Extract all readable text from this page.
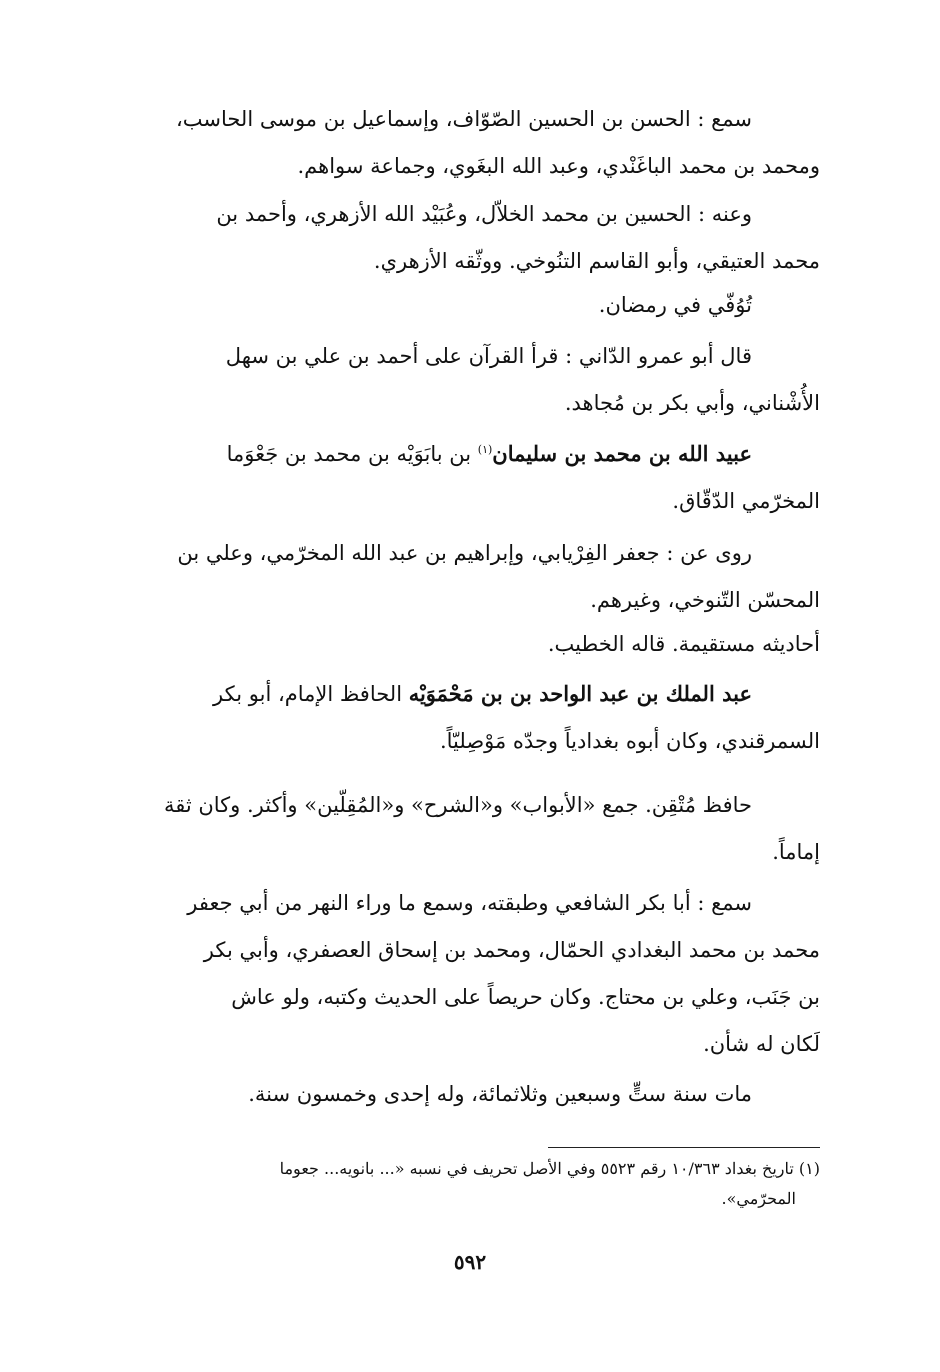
سمع : الحسن بن الحسين الصّوّاف، وإسماعيل بن موسى الحاسب،
ومحمد بن محمد الباغَنْدي، وعبد الله البغَوي، وجماعة سواهم.
وعنه : الحسين بن محمد الخلاّل، وعُبَيْد الله الأزهري، وأحمد بن
محمد العتيقي، وأبو القاسم التنُوخي. ووثّقه الأزهري.
تُوُفّي في رمضان.
قال أبو عمرو الدّاني : قرأ القرآن على أحمد بن علي بن سهل
الأُشْناني، وأبي بكر بن مُجاهد.
عبيد الله بن محمد بن سليمان$^{(١)}$ بن بابَوَيْه بن محمد بن جَعْوَما
المخرّمي الدّقّاق.
روى عن : جعفر الفِرْيابي، وإبراهيم بن عبد الله المخرّمي، وعلي بن
المحسّن التّنوخي، وغيرهم.
أحاديثه مستقيمة. قاله الخطيب.
عبد الملك بن عبد الواحد بن بن مَحْمَوَيْه الحافظ الإمام، أبو بكر
السمرقندي، وكان أبوه بغدادياً وجدّه مَوْصِليّاً.
حافظ مُتْقِن. جمع «الأبواب» و«الشرح» و«المُقِلّين» وأكثر. وكان ثقة
إماماً.
سمع : أبا بكر الشافعي وطبقته، وسمع ما وراء النهر من أبي جعفر
محمد بن محمد البغدادي الحمّال، ومحمد بن إسحاق العصفري، وأبي بكر
بن جَنَب، وعلي بن محتاج. وكان حريصاً على الحديث وكتبه، ولو عاش
لَكان له شأن.
مات سنة ستٍّ وسبعين وثلاثمائة، وله إحدى وخمسون سنة.
(١) تاريخ بغداد ١٠/٣٦٣ رقم ٥٥٢٣ وفي الأصل تحريف في نسبه «... بانويه... جعوما
المحرّمي».
٥٩٢
